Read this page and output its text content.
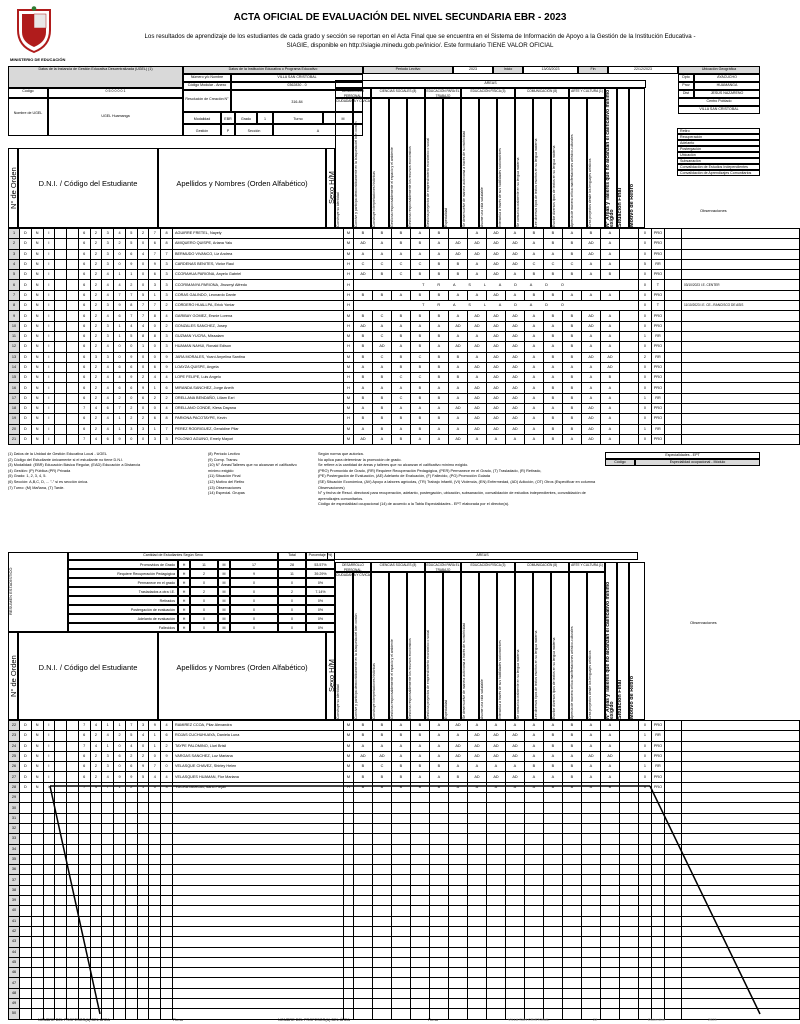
MINISTERIO DE EDUCACIÓN
ACTA OFICIAL DE EVALUACIÓN DEL NIVEL SECUNDARIA EBR - 2023
Los resultados de aprendizaje de los estudiantes de cada grado y sección se reportan en el Acta Final que se encuentra en el Sistema de Información de Apoyo a la Gestión de la Institución Educativa -
SIAGIE, disponible en http://siagie.minedu.gob.pe/inicio/. Este formulario TIENE VALOR OFICIAL
Datos de la Instancia de Gestión Educativa Descentralizada (UGEL) (1)
Código	0 5 0 0 0 0 1
Nombre de UGEL
UGEL Huamanga
Datos de la Institución Educativa o Programa Educativo
Número y/o Nombre	VILLA SAN CRISTOBAL
Código Modular - Anexo	0362830 - 0
Resolución de Creación N°
316-84
Modalidad	EBR	Grado	1	Turno	M
Gestión	P	Sección	A
Periodo Lectivo	2023	Inicio	13/03/2023	Fin	22/12/2023	Ubicación Geográfica
Dpto	AYACUCHO
Prov	HUAMANGA
Dist	JESÚS NAZARENO
Centro Poblado
VILLA SAN CRISTOBAL
ÁREAS
N° de Orden	D.N.I. / Código del Estudiante	Apellidos y Nombres (Orden Alfabético)	Sexo H/M
DESARROLLO PERSONAL, CIUDADANÍA Y CÍVICA
CIENCIAS SOCIALES (8)	EDUCACIÓN PARA EL TRABAJO
EDUCACIÓN FÍSICA (3)	COMUNICACIÓN (8)	ARTE Y CULTURA (1)
Construye su identidad	Convive y participa democráticamente en la búsqueda del bien común	Construye interpretaciones históricas	Gestiona responsablemente el espacio y el ambiente	Gestiona responsablemente los recursos económicos	Gestiona proyectos de emprendimiento económico o social	Especialidad	Se desenvuelve de manera autónoma a través de su motricidad	Asume una vida saludable	Interactúa a través de sus habilidades sociomotrices	Se comunica oralmente en su lengua materna	Lee diversos tipos de textos escritos en su lengua materna	Escribe diversos tipos de textos en su lengua materna	Aprecia de manera crítica manifestaciones artístico-culturales	Crea proyectos desde los lenguajes artísticos	N° Áreas y Talleres que no alcanzan el calificativo mínimo exigido Situación Final	Motivo de Retiro
Retiro
Recuperación
Adelanto
Postergación
Ubicación
Subsanación
Convalidación de Estudios Independientes
Convalidación de Aprendizajes Comunitarios
Observaciones
1	D	N	I			6	2	3	4	5	2	7	8	AGUIRRE FRETEL, Nayely	M	B	B	B	A	B		A	AD	A	B	B	A	B	A		0	PRO		
2	D	N	I			6	2	3	2	5	0	6	8	AMIQUERO QUISPE, Ariana Yalu	M	AD	A	B	B	A	AD	AD	AD	AD	A	B	B	AD	A		0	PRO		
3	D	N	I			6	2	3	0	6	4	7	7	BERMUDO VIVANCO, Liz Andrea	M	A	A	A	A	A	AD	AD	AD	AD	A	A	B	AD	A		0	PRO		
4	D	N	I			6	2	3	0	9	0	9	3	CARDENAS BENITES, Victor Raul	H	C	C	C	C	B	B	A	AD	AD	C	C	C	A	A		5	RR		
5	D	N	I			6	2	4	1	1	0	6	3	CCORAHUA PARIONA, Anyelo Gabriel	H	AD	B	C	B	B	B	A	AD	A	B	B	B	A	B		0	PRO		
6	D	N	I			6	2	4	4	2	0	3	3	CCORIMANYA PARIONA, Jhusmyl Alfredo	H	T R A S L A D A D O															0	T		03/10/2023 I.E. CENTER
7	D	N	I			6	2	4	7	7	5	1	3	CORAS GALINDO, Leonardo Dante	H	B	B	A	B	B	A	A	AD	A	B	B	A	A	A		0	PRO		
8	D	N	I			6	2	3	9	8	7	7	2	CORDERO HUALLPA, Erick Yoniar	H	T R A S L A D A D O															0	T		11/10/2023 I.E. CE...RANCISCO DE ASIS
9	D	N	I			6	2	4	6	7	7	8	4	GARIBAY GOMEZ, Ersnie Lorena	M	B	C	B	B	B	A	AD	AD	AD	A	B	B	AD	A		0	PRO		
10	D	N	I			6	2	3	1	4	4	0	2	GONZALES SANCHEZ, Josep	H	AD	A	A	A	A	AD	AD	AD	AD	A	A	B	AD	A		0	PRO		
11	D	N	I			6	2	3	1	5	8	8	3	GUZMAN YUCRA, Missalam	M	B	C	B	B	B	A	A	AD	AD	A	B	B	A	A		1	RR		
12	D	N	I			6	2	4	0	0	1	0	3	HUAMAN NAHUI, Ronald Edison	H	B	AD	A	B	A	AD	AD	AD	AD	A	A	B	A	A		0	PRO		
13	D	N	I			6	3	3	0	9	0	0	9	JARA MORALES, Yoaní Anyelina Santina	M	B	C	B	C	B	B	A	AD	AD	A	B	B	AD	AD		2	RR		
14	D	N	I			6	2	4	6	6	0	6	9	LOAYZA QUISPE, Angela	M	A	A	B	B	B	A	AD	AD	AD	A	A	A	A	AD		0	PRO		
15	D	N	I			6	2	4	4	9	2	4	4	LOPE FELIPE, Luis Angelo	H	B	B	C	C	B	B	A	AD	AD	A	A	B	A	B		0	PRO		
16	D	N	I			6	2	4	6	6	9	1	6	MIRANDA SANCHEZ, Jorge Aneth	H	A	A	A	B	A	A	AD	AD	AD	A	B	B	A	A		0	PRO		
17	D	N	I			6	2	4	2	0	6	2	2	ORELLANA BENDAÑO, Liliam Ezri	M	B	B	C	B	B	A	AD	AD	AD	A	B	B	A	A		1	RR		
18	D	N	I			7	4	6	7	2	0	0	4	ORELLANO CONDE, Kless Dayana	M	A	B	A	A	A	AD	AD	AD	AD	A	A	B	AD	A		0	PRO		
19	D	N	I			6	2	4	1	2	2	6	8	PARIONA PACOTAYPE, Kevin	H	B	B	B	B	B	A	AD	AD	AD	A	B	B	AD	A		0	PRO		
20	D	N	I			6	2	4	1	3	3	1	7	PEREZ RODRIGUEZ, Geraldine Pilar	M	A	B	A	B	A	A	AD	AD	AD	A	B	B	AD	A		1	RR		
21	D	N	I			7	4	6	9	0	0	3	3	POLONIO AGUINO, Emely Mayori	M	AD	A	B	A	A	AD	A	A	A	A	B	A	AD	A		0	PRO		
(1) Datos de la Unidad de Gestión Educativa Local - UGEL
(2) Código del Estudiante únicamente si el estudiante no tiene D.N.I.
(3) Modalidad: (EBR) Educación Básica Regular, (EAD) Educación a Distancia
(4) Gestión: (P) Pública (PR) Privada
(5) Grado: 1, 2, 3, 4, 5.
(6) Sección: A,B,C, D, ... "-" si es sección única.
(7) Turno: (M) Mañana, (T) Tarde.
(8) Periodo Lectivo
(9) Comp. Transv.
(10) N° Áreas/Talleres que no alcanzan el calificativo mínimo exigido
(11) Situación Final
(12) Motivo del Retiro
(13) Observaciones
(14) Especial. Grupas
Según norma que autoriza.
No aplica para determinar la promoción de grado.
Se refiere a la cantidad de áreas y talleres que no alcanzan el calificativo mínimo exigido.
(PRO) Promovido de Grado, (RR) Requiere Recuperación Pedagógica, (PER) Permanece en el Grado, (T) Trasladado, (R) Retirado,
(PE) Postergación de Evaluación, (AE) Adelanto de Evaluación, (F) Fallecido, (PG) Promoción Guiada
(SE) Situación Económica, (AV) Apoyo a labores agrícolas, (TR) Trabajo Infantil, (VI) Violencia, (EN) Enfermedad, (AD) Adicción, (OT) Otros (Especificar en columna Observaciones)
N° y fecha de Resol. directoral para recuperación, adelanto, postergación, ubicación, subsanación, convalidación de estudios independientes, convalidación de aprendizajes comunitarios.
Código de especialidad ocupacional (14) de acuerdo a la Tabla Especialidades - EPT elaborada por el director(a).
Especialidades - EPT
Código	Especialidad ocupacional - Módulo
RESUMEN ESTADÍSTICO
Cantidad de Estudiantes Según Sexo	Total	Porcentaje (%)
Promovidos de Grado	H	11	M	17	28	53.57%
Requiere Recuperación Pedagógica	H	2	M	9	11	39.29%
Permanece en el grado	H	0	M	0	0	0%
Trasladados a otra I.E.	H	2	M	0	2	7.14%
Retirados	H	0	M	0	0	0%
Postergación de evaluación	H	0	M	0	0	0%
Adelanto de evaluación	H	0	M	0	0	0%
Fallecidos	H	0	M	0	0	0%
ÁREAS
N° de Orden	D.N.I. / Código del Estudiante	Apellidos y Nombres (Orden Alfabético)	Sexo H/M
DESARROLLO PERSONAL, CIUDADANÍA Y CÍVICA
CIENCIAS SOCIALES (8)	EDUCACIÓN PARA EL TRABAJO
EDUCACIÓN FÍSICA (3)	COMUNICACIÓN (8)	ARTE Y CULTURA (1)
Construye su identidad	Convive y participa democráticamente en la búsqueda del bien común	Construye interpretaciones históricas	Gestiona responsablemente el espacio y el ambiente	Gestiona responsablemente los recursos económicos	Gestiona proyectos de emprendimiento económico o social	Especialidad	Se desenvuelve de manera autónoma a través de su motricidad	Asume una vida saludable	Interactúa a través de sus habilidades sociomotrices	Se comunica oralmente en su lengua materna	Lee diversos tipos de textos escritos en su lengua materna	Escribe diversos tipos de textos en su lengua materna	Aprecia de manera crítica manifestaciones artístico-culturales	Crea proyectos desde los lenguajes artísticos	N° Áreas y Talleres que no alcanzan el calificativo mínimo exigido Situación Final	Motivo de Retiro
Observaciones
22	D	N	I			7	4	1	1	7	3	9	4	RAMIREZ CCOA, Pilar Alexandra	M	B	B	A	B	A	AD	A	A	A	A	A	B	A	A		0	PRO		
23	D	N	I			6	2	4	2	5	4	1	6	ROJAS CUCHUHUAYA, Daniela Luna	M	B	B	B	B	A	A	AD	AD	AD	A	B	B	A	A		1	RR		
24	D	N	I			7	4	1	0	4	0	1	2	TAYPE PALOMINO, Lluri Brisil	M	A	A	A	A	A	AD	AD	AD	AD	A	B	B	A	A		0	PRO		
25	D	N	I			6	2	3	6	2	2	0	9	VARGAS SANCHEZ, Luz Mariana	M	AD	AD	A	A	A	AD	AD	AD	AD	A	A	A	AD	AD		0	PRO		
26	D	N	I			6	2	3	0	6	9	7	0	VELASQUE CHAVEZ, Shirley Helen	M	B	C	B	B	B	A	A	A	A	B	B	B	A	A		1	RR		
27	D	N	I			6	2	4	9	9	5	4	4	VELASQUES HUAMAN, Flor Mariana	M	B	B	B	A	A	B	AD	AD	AD	A	A	B	A	A		0	PRO		
28	D	N	I			7	4	7	1	2	1	0	3	YUCRA GARCIA, Santi Frejari	H	B	B	B	B	B	A	A	A	A	A	B	B	A	B		0	PRO		
29																																		
30																																		
31																																		
32																																		
33																																		
34																																		
35																																		
36																																		
37																																		
38																																		
39																																		
40																																		
41																																		
42																																		
43																																		
44																																		
45																																		
46																																		
47																																		
48																																		
49																																		
50																																		
NOMBRE DEL PROFESOR(A) DEL ÁREA	Firma	NOMBRE DEL PROFESOR(A) DEL ÁREA	Firma	VILLA SAN CRISTOBAL	22	Diciembre	2023
